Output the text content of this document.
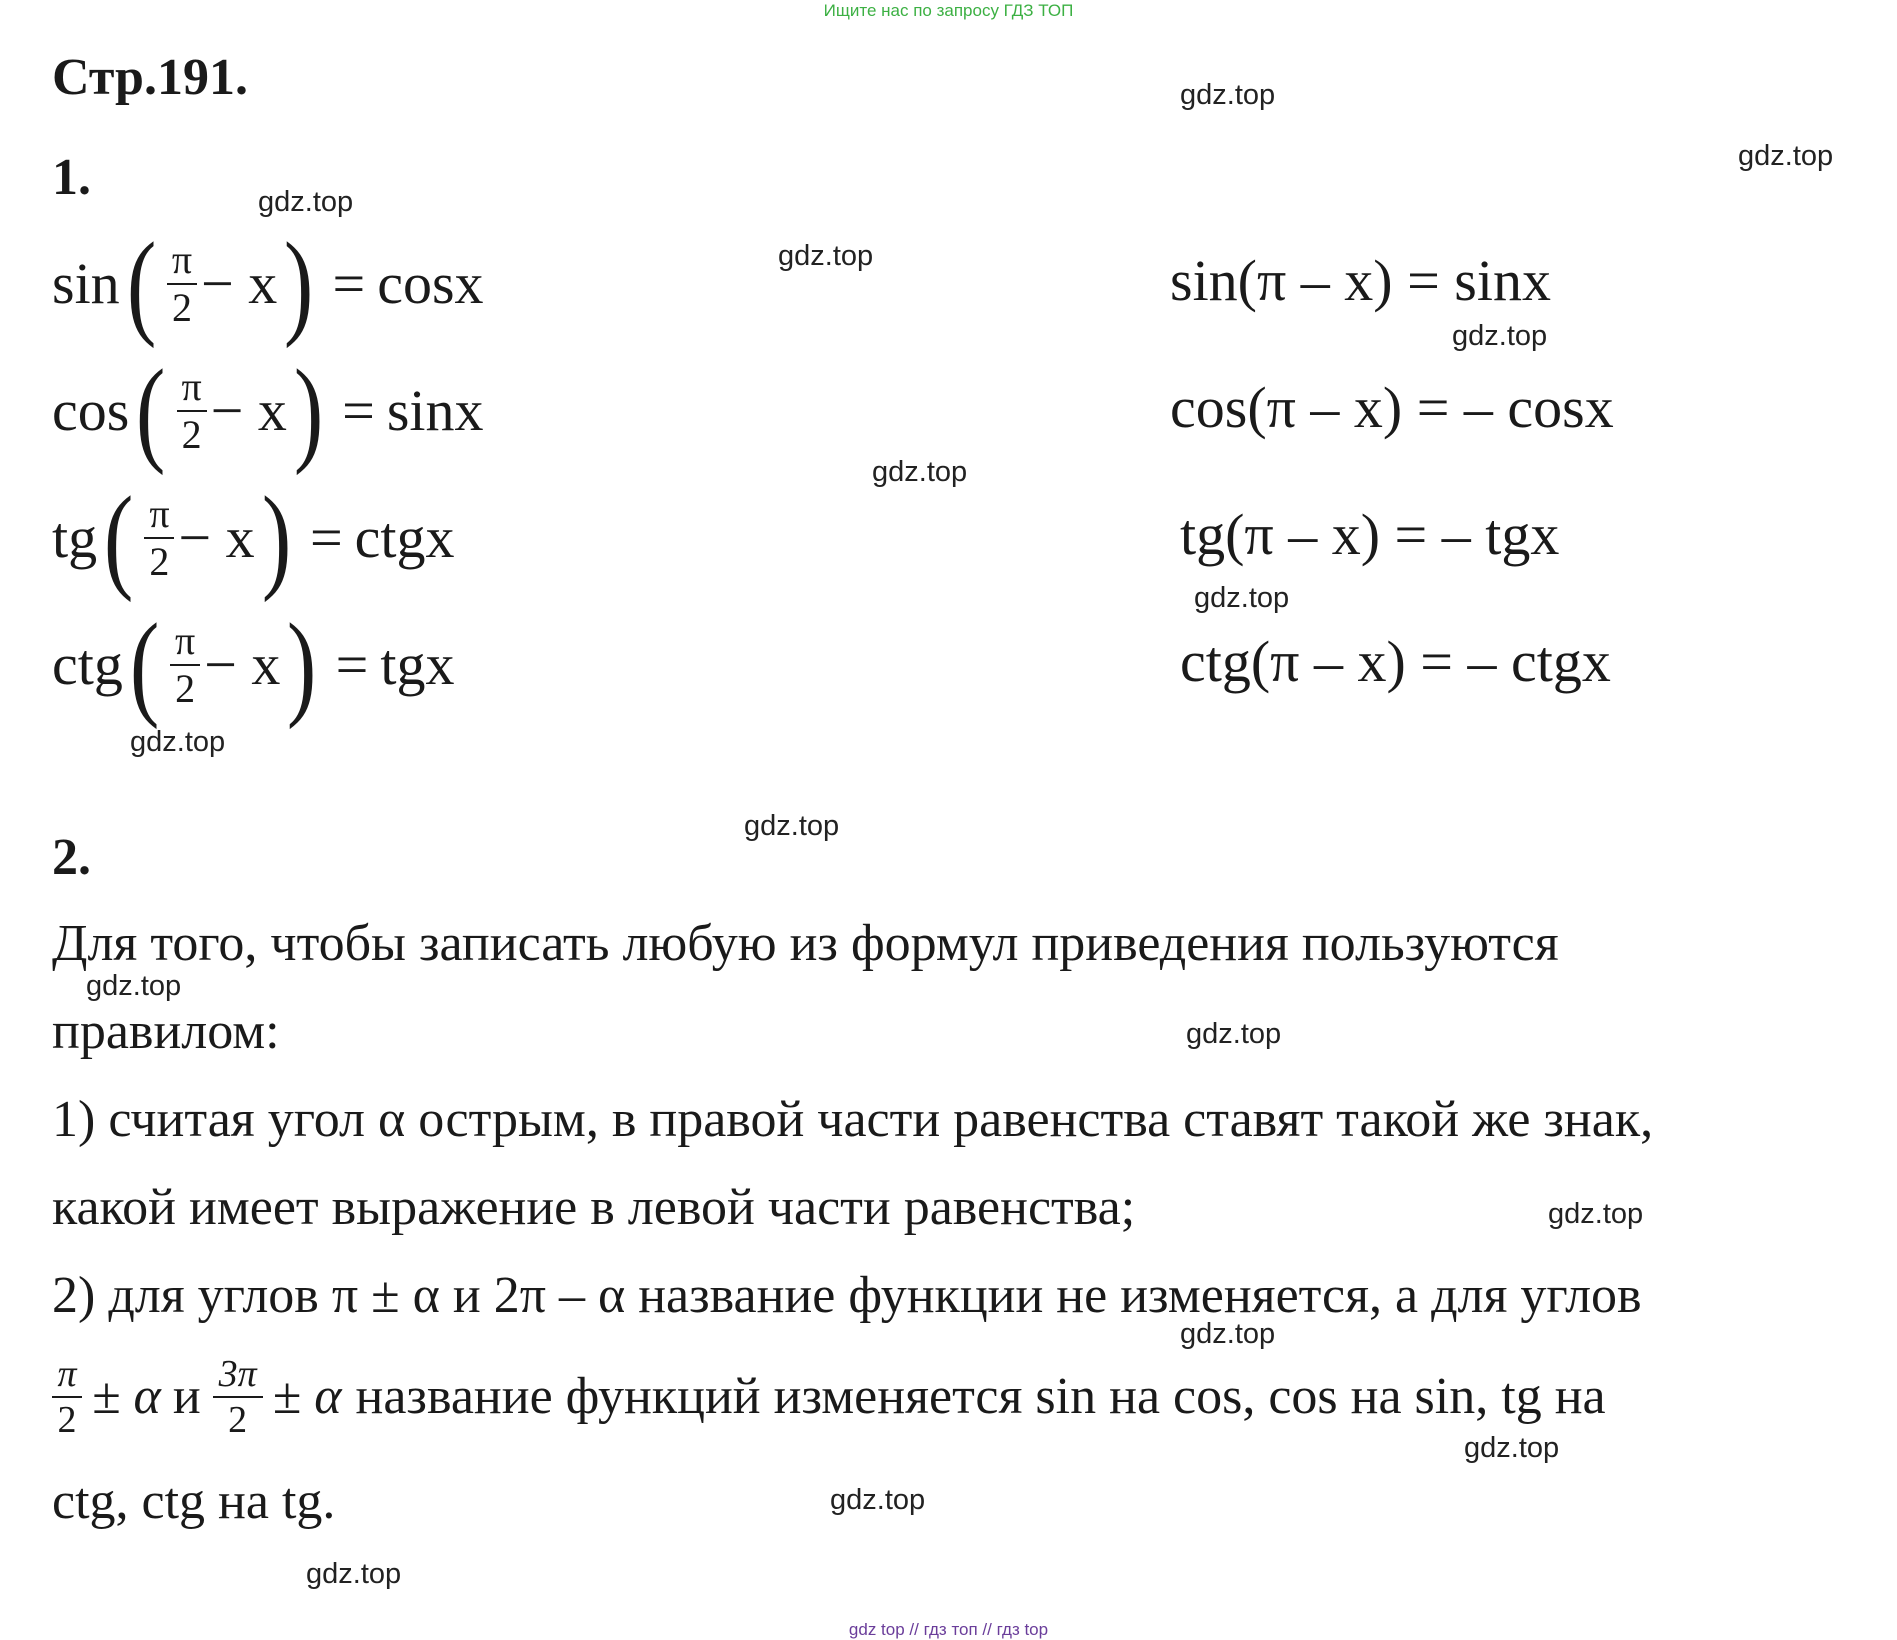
Ищите нас по запросу ГДЗ ТОП
Стр.191.
1.
sin ( $\frac{\pi}{2} - x$ ) = cosx
cos ( $\frac{\pi}{2} - x$ ) = sinx
tg ( $\frac{\pi}{2} - x$ ) = ctgx
ctg ( $\frac{\pi}{2} - x$ ) = tgx
sin(π – x) = sinx
cos(π – x) = – cosx
tg(π – x) = – tgx
ctg(π – x) = – ctgx
2.
Для того, чтобы записать любую из формул приведения пользуются
правилом:
1) считая угол α острым, в правой части равенства ставят такой же знак,
какой имеет выражение в левой части равенства;
2) для углов π ± α и 2π – α название функции не изменяется, а для углов
$\frac{\pi}{2} \pm \alpha$ и $\frac{3\pi}{2} \pm \alpha$ название функций изменяется sin на cos, cos на sin, tg на
ctg, ctg на tg.
gdz.top
gdz.top
gdz.top
gdz.top
gdz.top
gdz.top
gdz.top
gdz.top
gdz.top
gdz.top
gdz.top
gdz.top
gdz.top
gdz.top
gdz.top
gdz.top
gdz top // гдз топ // гдз top
